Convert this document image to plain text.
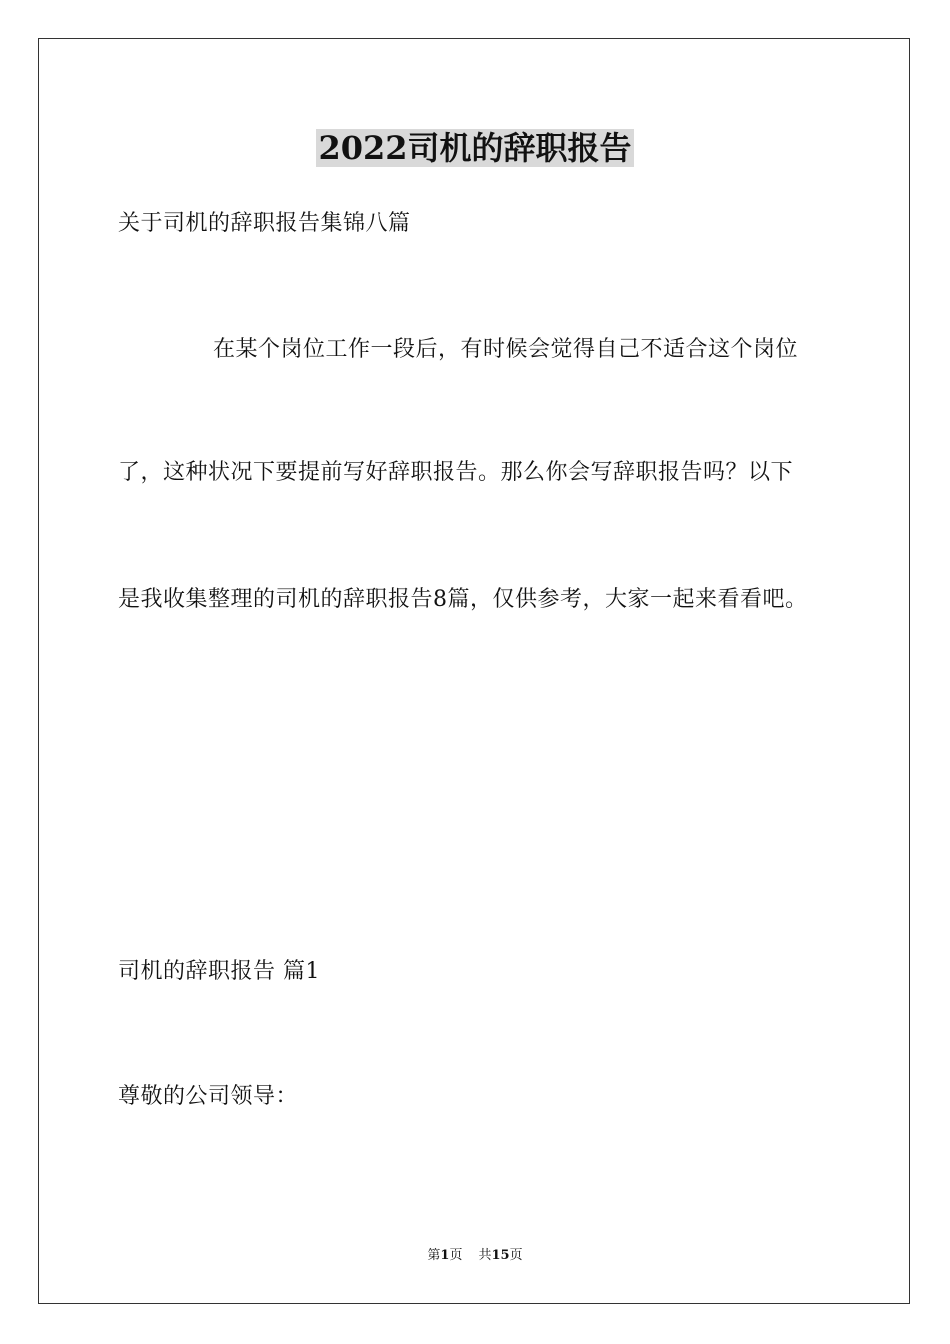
2022司机的辞职报告
关于司机的辞职报告集锦八篇
在某个岗位工作一段后，有时候会觉得自己不适合这个岗位
了，这种状况下要提前写好辞职报告。那么你会写辞职报告吗？以下
是我收集整理的司机的辞职报告8篇，仅供参考，大家一起来看看吧。
司机的辞职报告 篇1
尊敬的公司领导：
第1页 共15页
